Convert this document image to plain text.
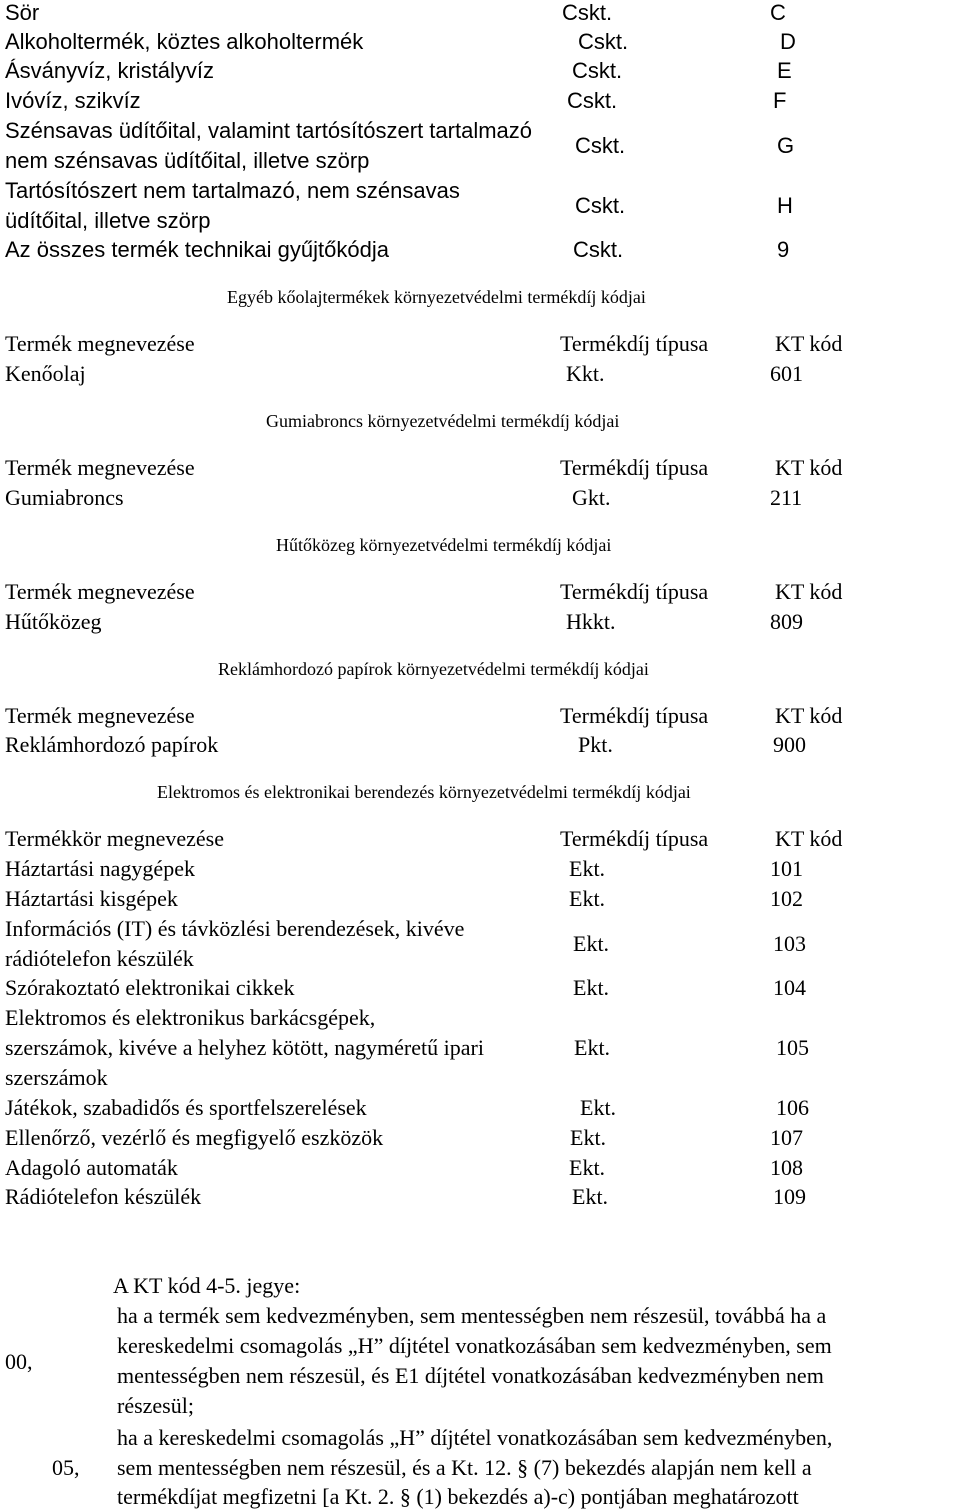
Sör	Cskt.	C
Alkoholtermék, köztes alkoholtermék	Cskt.	D
Ásványvíz, kristályvíz	Cskt.	E
Ivóvíz, szikvíz	Cskt.	F
Szénsavas üdítőital, valamint tartósítószert tartalmazó
nem szénsavas üdítőital, illetve szörp
Cskt.	G
Tartósítószert nem tartalmazó, nem szénsavas
üdítőital, illetve szörp
Cskt.	H
Az összes termék technikai gyűjtőkódja	Cskt.	9
Egyéb kőolajtermékek környezetvédelmi termékdíj kódjai
Termék megnevezése	Termékdíj típusa	KT kód
Kenőolaj	Kkt.	601
Gumiabroncs környezetvédelmi termékdíj kódjai
Termék megnevezése	Termékdíj típusa	KT kód
Gumiabroncs	Gkt.	211
Hűtőközeg környezetvédelmi termékdíj kódjai
Termék megnevezése	Termékdíj típusa	KT kód
Hűtőközeg	Hkkt.	809
Reklámhordozó papírok környezetvédelmi termékdíj kódjai
Termék megnevezése	Termékdíj típusa	KT kód
Reklámhordozó papírok	Pkt.	900
Elektromos és elektronikai berendezés környezetvédelmi termékdíj kódjai
Termékkör megnevezése	Termékdíj típusa	KT kód
Háztartási nagygépek	Ekt.	101
Háztartási kisgépek	Ekt.	102
Információs (IT) és távközlési berendezések, kivéve
rádiótelefon készülék
Ekt.	103
Szórakoztató elektronikai cikkek	Ekt.	104
Elektromos és elektronikus barkácsgépek,
szerszámok, kivéve a helyhez kötött, nagyméretű ipari
szerszámok
Ekt.	105
Játékok, szabadidős és sportfelszerelések	Ekt.	106
Ellenőrző, vezérlő és megfigyelő eszközök	Ekt.	107
Adagoló automaták	Ekt.	108
Rádiótelefon készülék	Ekt.	109
A KT kód 4-5. jegye:
00,
ha a termék sem kedvezményben, sem mentességben nem részesül, továbbá ha a
kereskedelmi csomagolás „H” díjtétel vonatkozásában sem kedvezményben, sem
mentességben nem részesül, és E1 díjtétel vonatkozásában kedvezményben nem
részesül;
05,
ha a kereskedelmi csomagolás „H” díjtétel vonatkozásában sem kedvezményben,
sem mentességben nem részesül, és a Kt. 12. § (7) bekezdés alapján nem kell a
termékdíjat megfizetni [a Kt. 2. § (1) bekezdés a)-c) pontjában meghatározott
